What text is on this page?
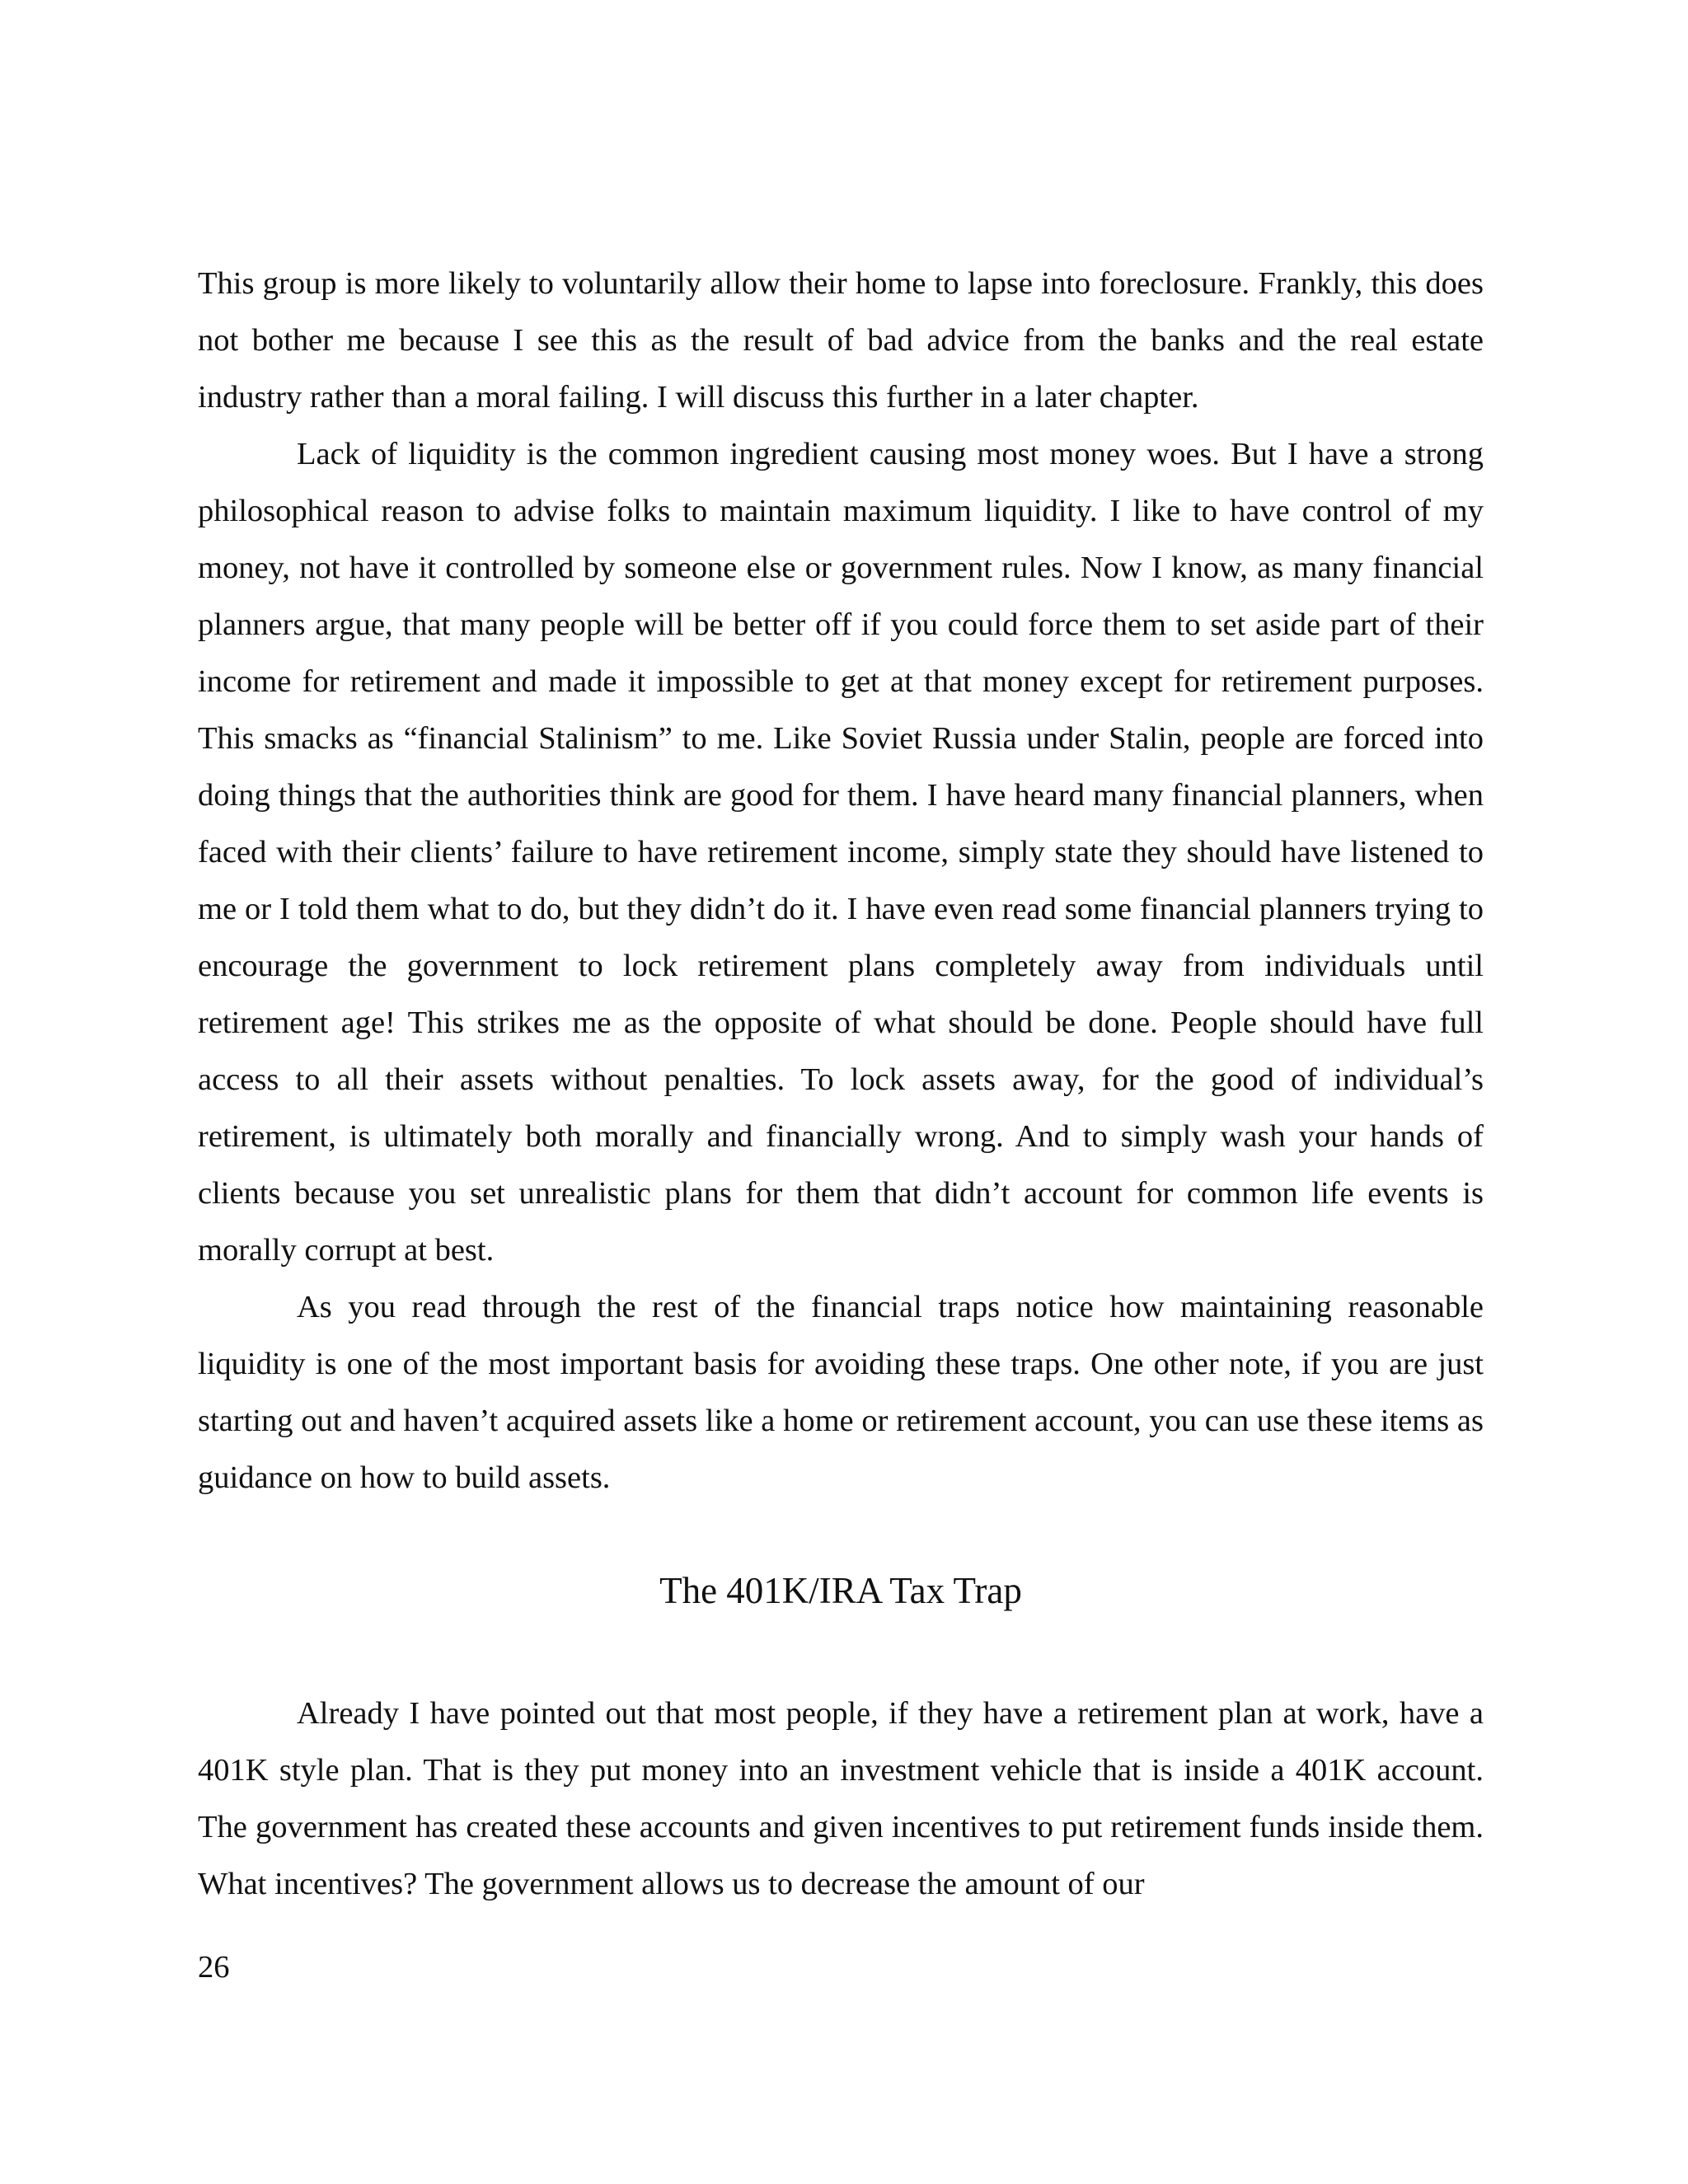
This group is more likely to voluntarily allow their home to lapse into foreclosure. Frankly, this does not bother me because I see this as the result of bad advice from the banks and the real estate industry rather than a moral failing. I will discuss this further in a later chapter.

Lack of liquidity is the common ingredient causing most money woes. But I have a strong philosophical reason to advise folks to maintain maximum liquidity. I like to have control of my money, not have it controlled by someone else or government rules. Now I know, as many financial planners argue, that many people will be better off if you could force them to set aside part of their income for retirement and made it impossible to get at that money except for retirement purposes. This smacks as “financial Stalinism” to me. Like Soviet Russia under Stalin, people are forced into doing things that the authorities think are good for them. I have heard many financial planners, when faced with their clients’ failure to have retirement income, simply state they should have listened to me or I told them what to do, but they didn’t do it. I have even read some financial planners trying to encourage the government to lock retirement plans completely away from individuals until retirement age! This strikes me as the opposite of what should be done. People should have full access to all their assets without penalties. To lock assets away, for the good of individual’s retirement, is ultimately both morally and financially wrong. And to simply wash your hands of clients because you set unrealistic plans for them that didn’t account for common life events is morally corrupt at best.

As you read through the rest of the financial traps notice how maintaining reasonable liquidity is one of the most important basis for avoiding these traps. One other note, if you are just starting out and haven’t acquired assets like a home or retirement account, you can use these items as guidance on how to build assets.

The 401K/IRA Tax Trap

Already I have pointed out that most people, if they have a retirement plan at work, have a 401K style plan. That is they put money into an investment vehicle that is inside a 401K account. The government has created these accounts and given incentives to put retirement funds inside them. What incentives? The government allows us to decrease the amount of our

26
